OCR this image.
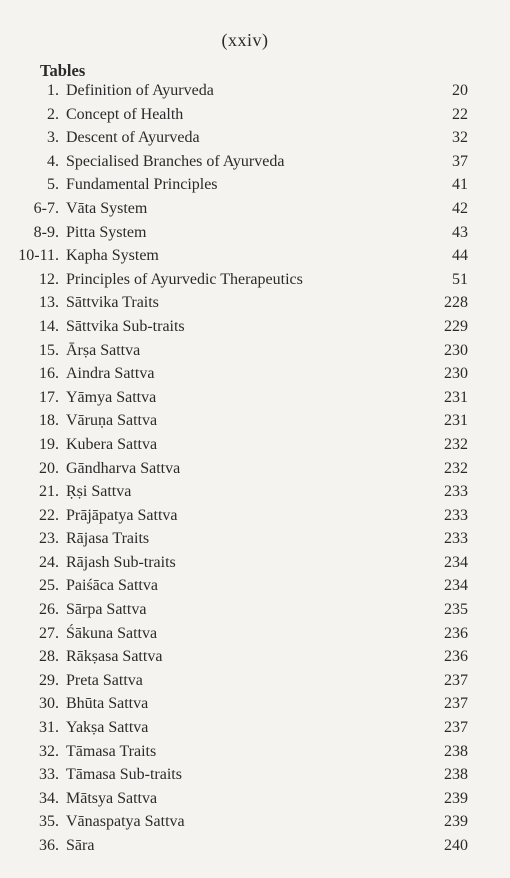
(xxiv)
Tables
1. Definition of Ayurveda	20
2. Concept of Health	22
3. Descent of Ayurveda	32
4. Specialised Branches of Ayurveda	37
5. Fundamental Principles	41
6-7. Vāta System	42
8-9. Pitta System	43
10-11. Kapha System	44
12. Principles of Ayurvedic Therapeutics	51
13. Sāttvika Traits	228
14. Sāttvika Sub-traits	229
15. Ārṣa Sattva	230
16. Aindra Sattva	230
17. Yāmya Sattva	231
18. Vāruṇa Sattva	231
19. Kubera Sattva	232
20. Gāndharva Sattva	232
21. Ṛṣi Sattva	233
22. Prājāpatya Sattva	233
23. Rājasa Traits	233
24. Rājash Sub-traits	234
25. Paiśāca Sattva	234
26. Sārpa Sattva	235
27. Śākuna Sattva	236
28. Rākṣasa Sattva	236
29. Preta Sattva	237
30. Bhūta Sattva	237
31. Yakṣa Sattva	237
32. Tāmasa Traits	238
33. Tāmasa Sub-traits	238
34. Mātsya Sattva	239
35. Vānaspatya Sattva	239
36. Sāra	240
